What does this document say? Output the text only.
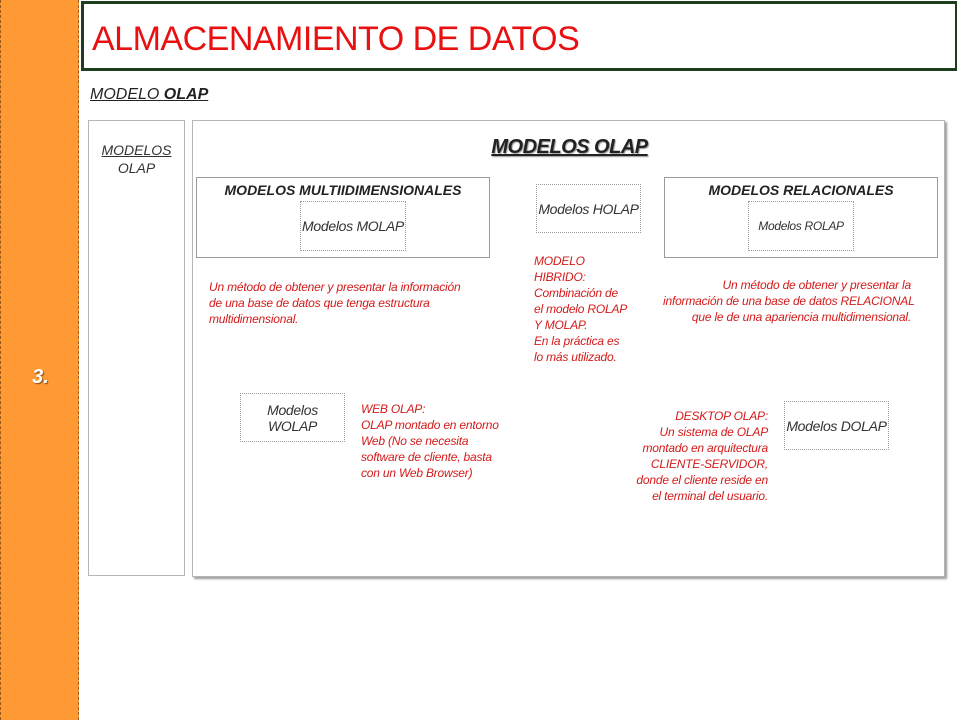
3.
ALMACENAMIENTO DE DATOS
MODELO OLAP
MODELOS
OLAP
MODELOS OLAP
MODELOS MULTIIDIMENSIONALES
Modelos MOLAP
Modelos HOLAP
MODELOS RELACIONALES
Modelos ROLAP
Un método de obtener y presentar la información
de una base de datos que tenga estructura
multidimensional.
MODELO
HIBRIDO:
Combinación de
el modelo ROLAP
Y MOLAP.
En la práctica es
lo más utilizado.
Un método de obtener y presentar la
información de una base de datos RELACIONAL
que le de una apariencia multidimensional.
Modelos WOLAP
WEB OLAP:
OLAP montado en entorno
Web (No se necesita
software de cliente, basta
con un Web Browser)
DESKTOP OLAP:
Un sistema de OLAP
montado en arquitectura
CLIENTE-SERVIDOR,
donde el cliente reside en
el terminal del usuario.
Modelos DOLAP
